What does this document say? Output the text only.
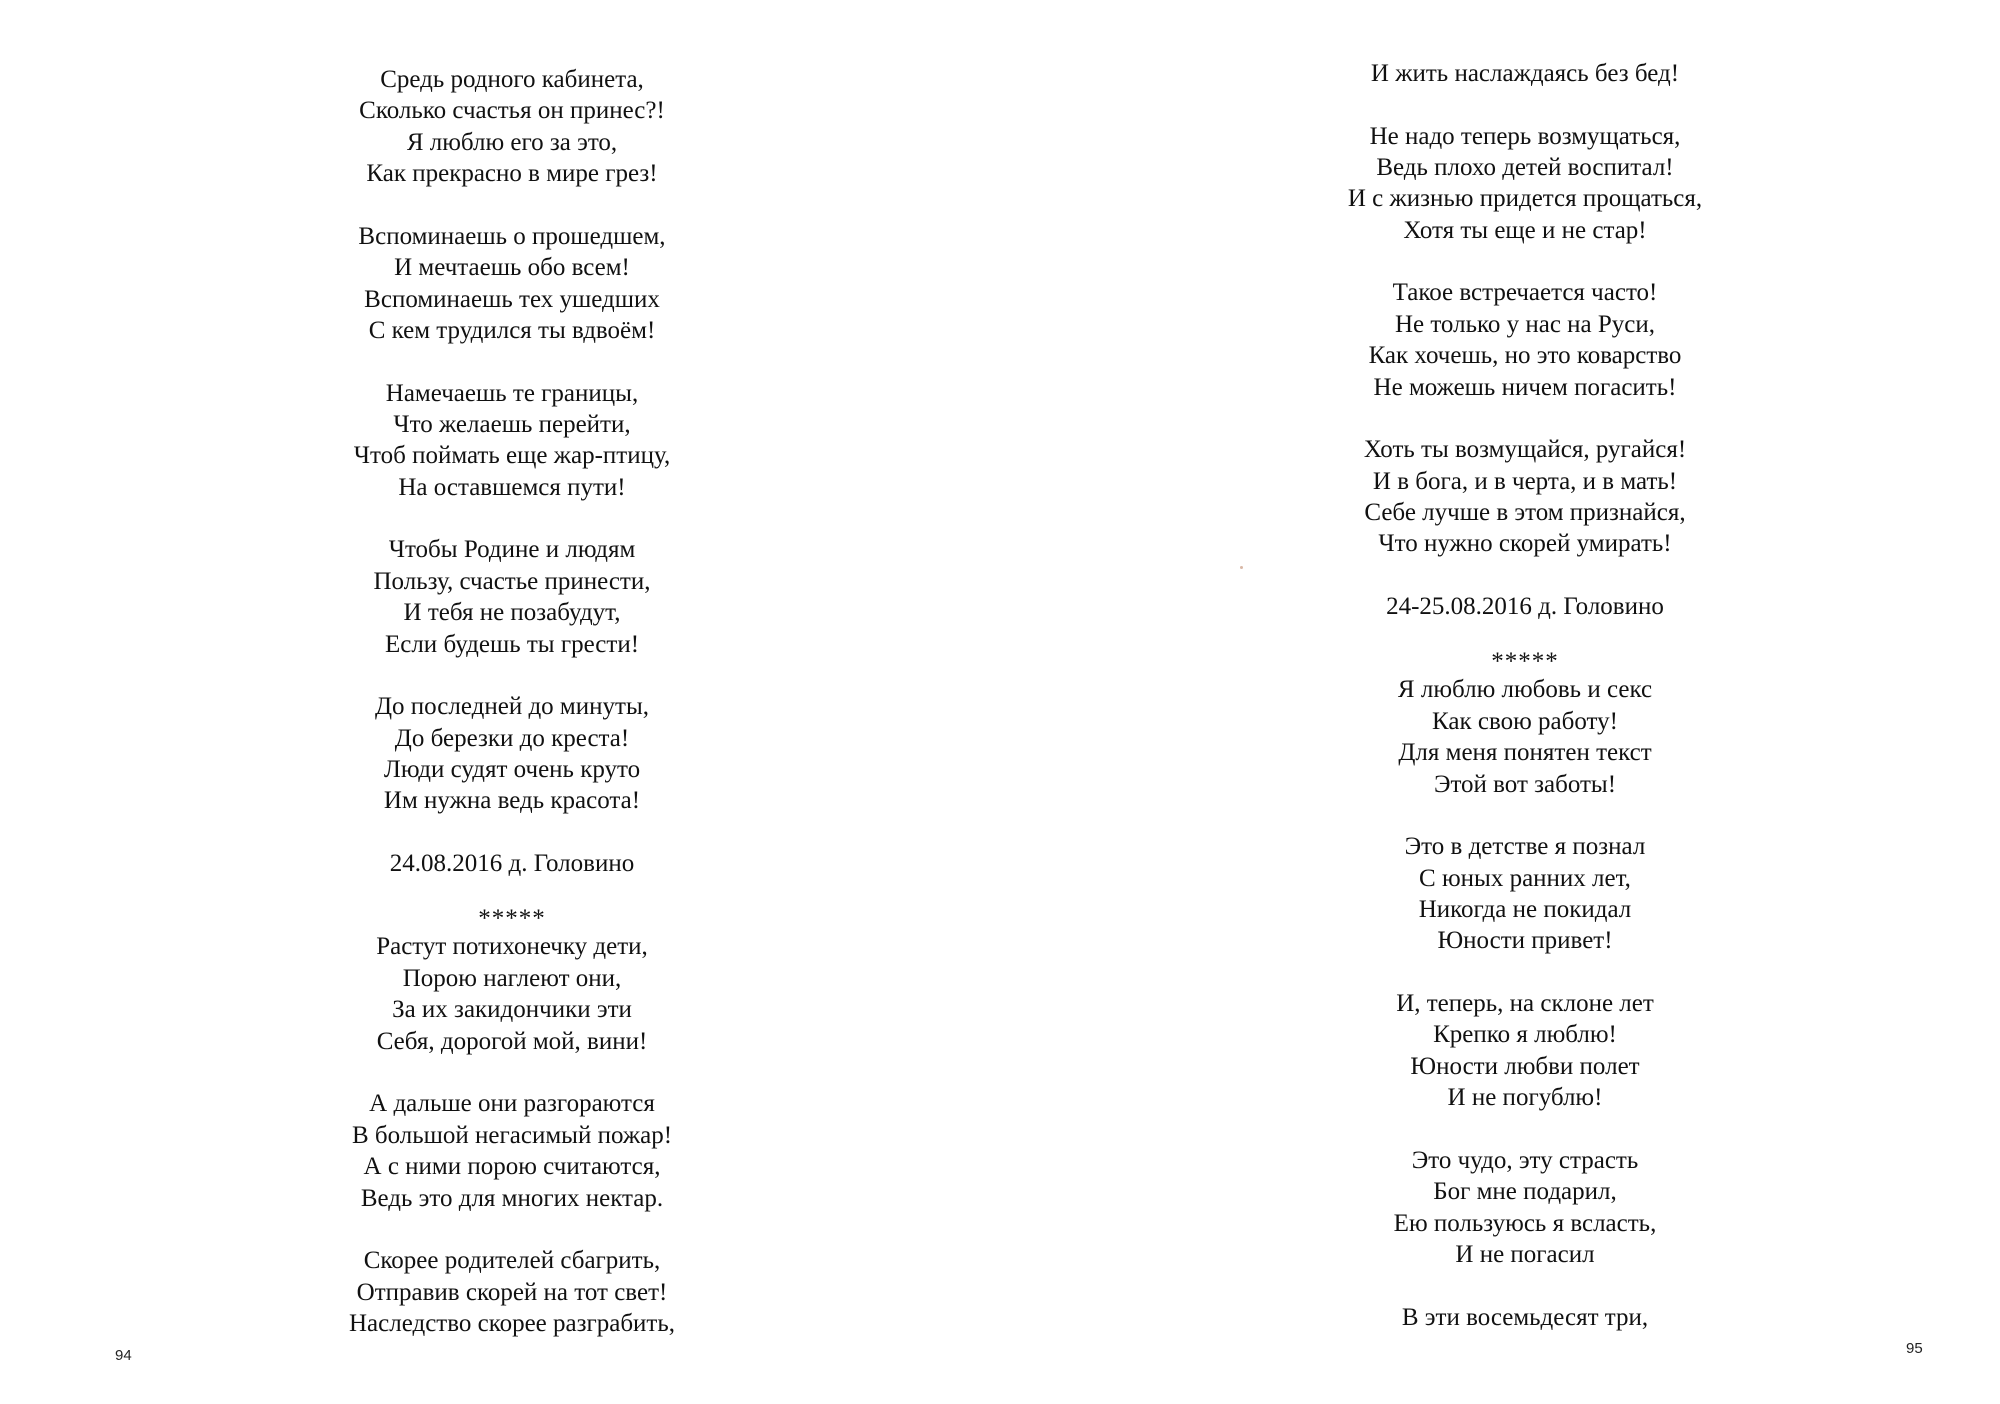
Средь родного кабинета,
Сколько счастья он принес?!
Я люблю его за это,
Как прекрасно в мире грез!
Вспоминаешь о прошедшем,
И мечтаешь обо всем!
Вспоминаешь тех ушедших
С кем трудился ты вдвоём!
Намечаешь те границы,
Что желаешь перейти,
Чтоб поймать еще жар-птицу,
На оставшемся пути!
Чтобы Родине и людям
Пользу, счастье принести,
И тебя не позабудут,
Если будешь ты грести!
До последней до минуты,
До березки до креста!
Люди судят очень круто
Им нужна ведь красота!
24.08.2016 д. Головино
*****
Растут потихонечку дети,
Порою наглеют они,
За их закидончики эти
Себя, дорогой мой, вини!
А дальше они разгораются
В большой негасимый пожар!
А с ними порою считаются,
Ведь это для многих нектар.
Скорее родителей сбагрить,
Отправив скорей на тот свет!
Наследство скорее разграбить,
И жить наслаждаясь без бед!
Не надо теперь возмущаться,
Ведь плохо детей воспитал!
И с жизнью придется прощаться,
Хотя ты еще и не стар!
Такое встречается часто!
Не только у нас на Руси,
Как хочешь, но это коварство
Не можешь ничем погасить!
Хоть ты возмущайся, ругайся!
И в бога, и в черта, и в мать!
Себе лучше в этом признайся,
Что нужно скорей умирать!
24-25.08.2016 д. Головино
*****
Я люблю любовь и секс
Как свою работу!
Для меня понятен текст
Этой вот заботы!
Это в детстве я познал
С юных ранних лет,
Никогда не покидал
Юности привет!
И, теперь, на склоне лет
Крепко я люблю!
Юности любви полет
И не погублю!
Это чудо, эту страсть
Бог мне подарил,
Ею пользуюсь я всласть,
И не погасил
В эти восемьдесят три,
94	95
